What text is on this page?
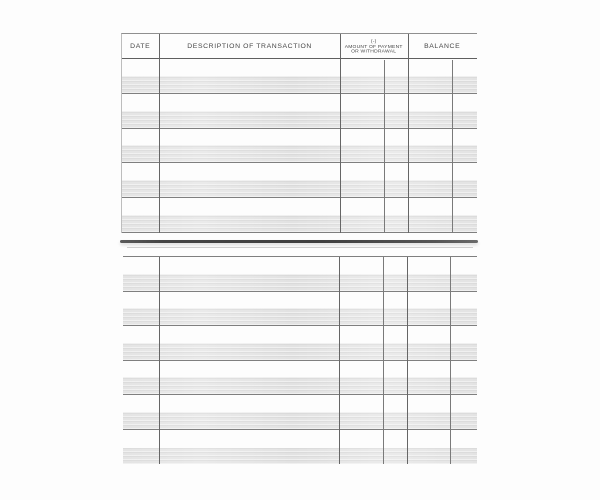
DATE	DESCRIPTION OF TRANSACTION
(-)
AMOUNT OF PAYMENT
OR WITHDRAWAL
BALANCE
